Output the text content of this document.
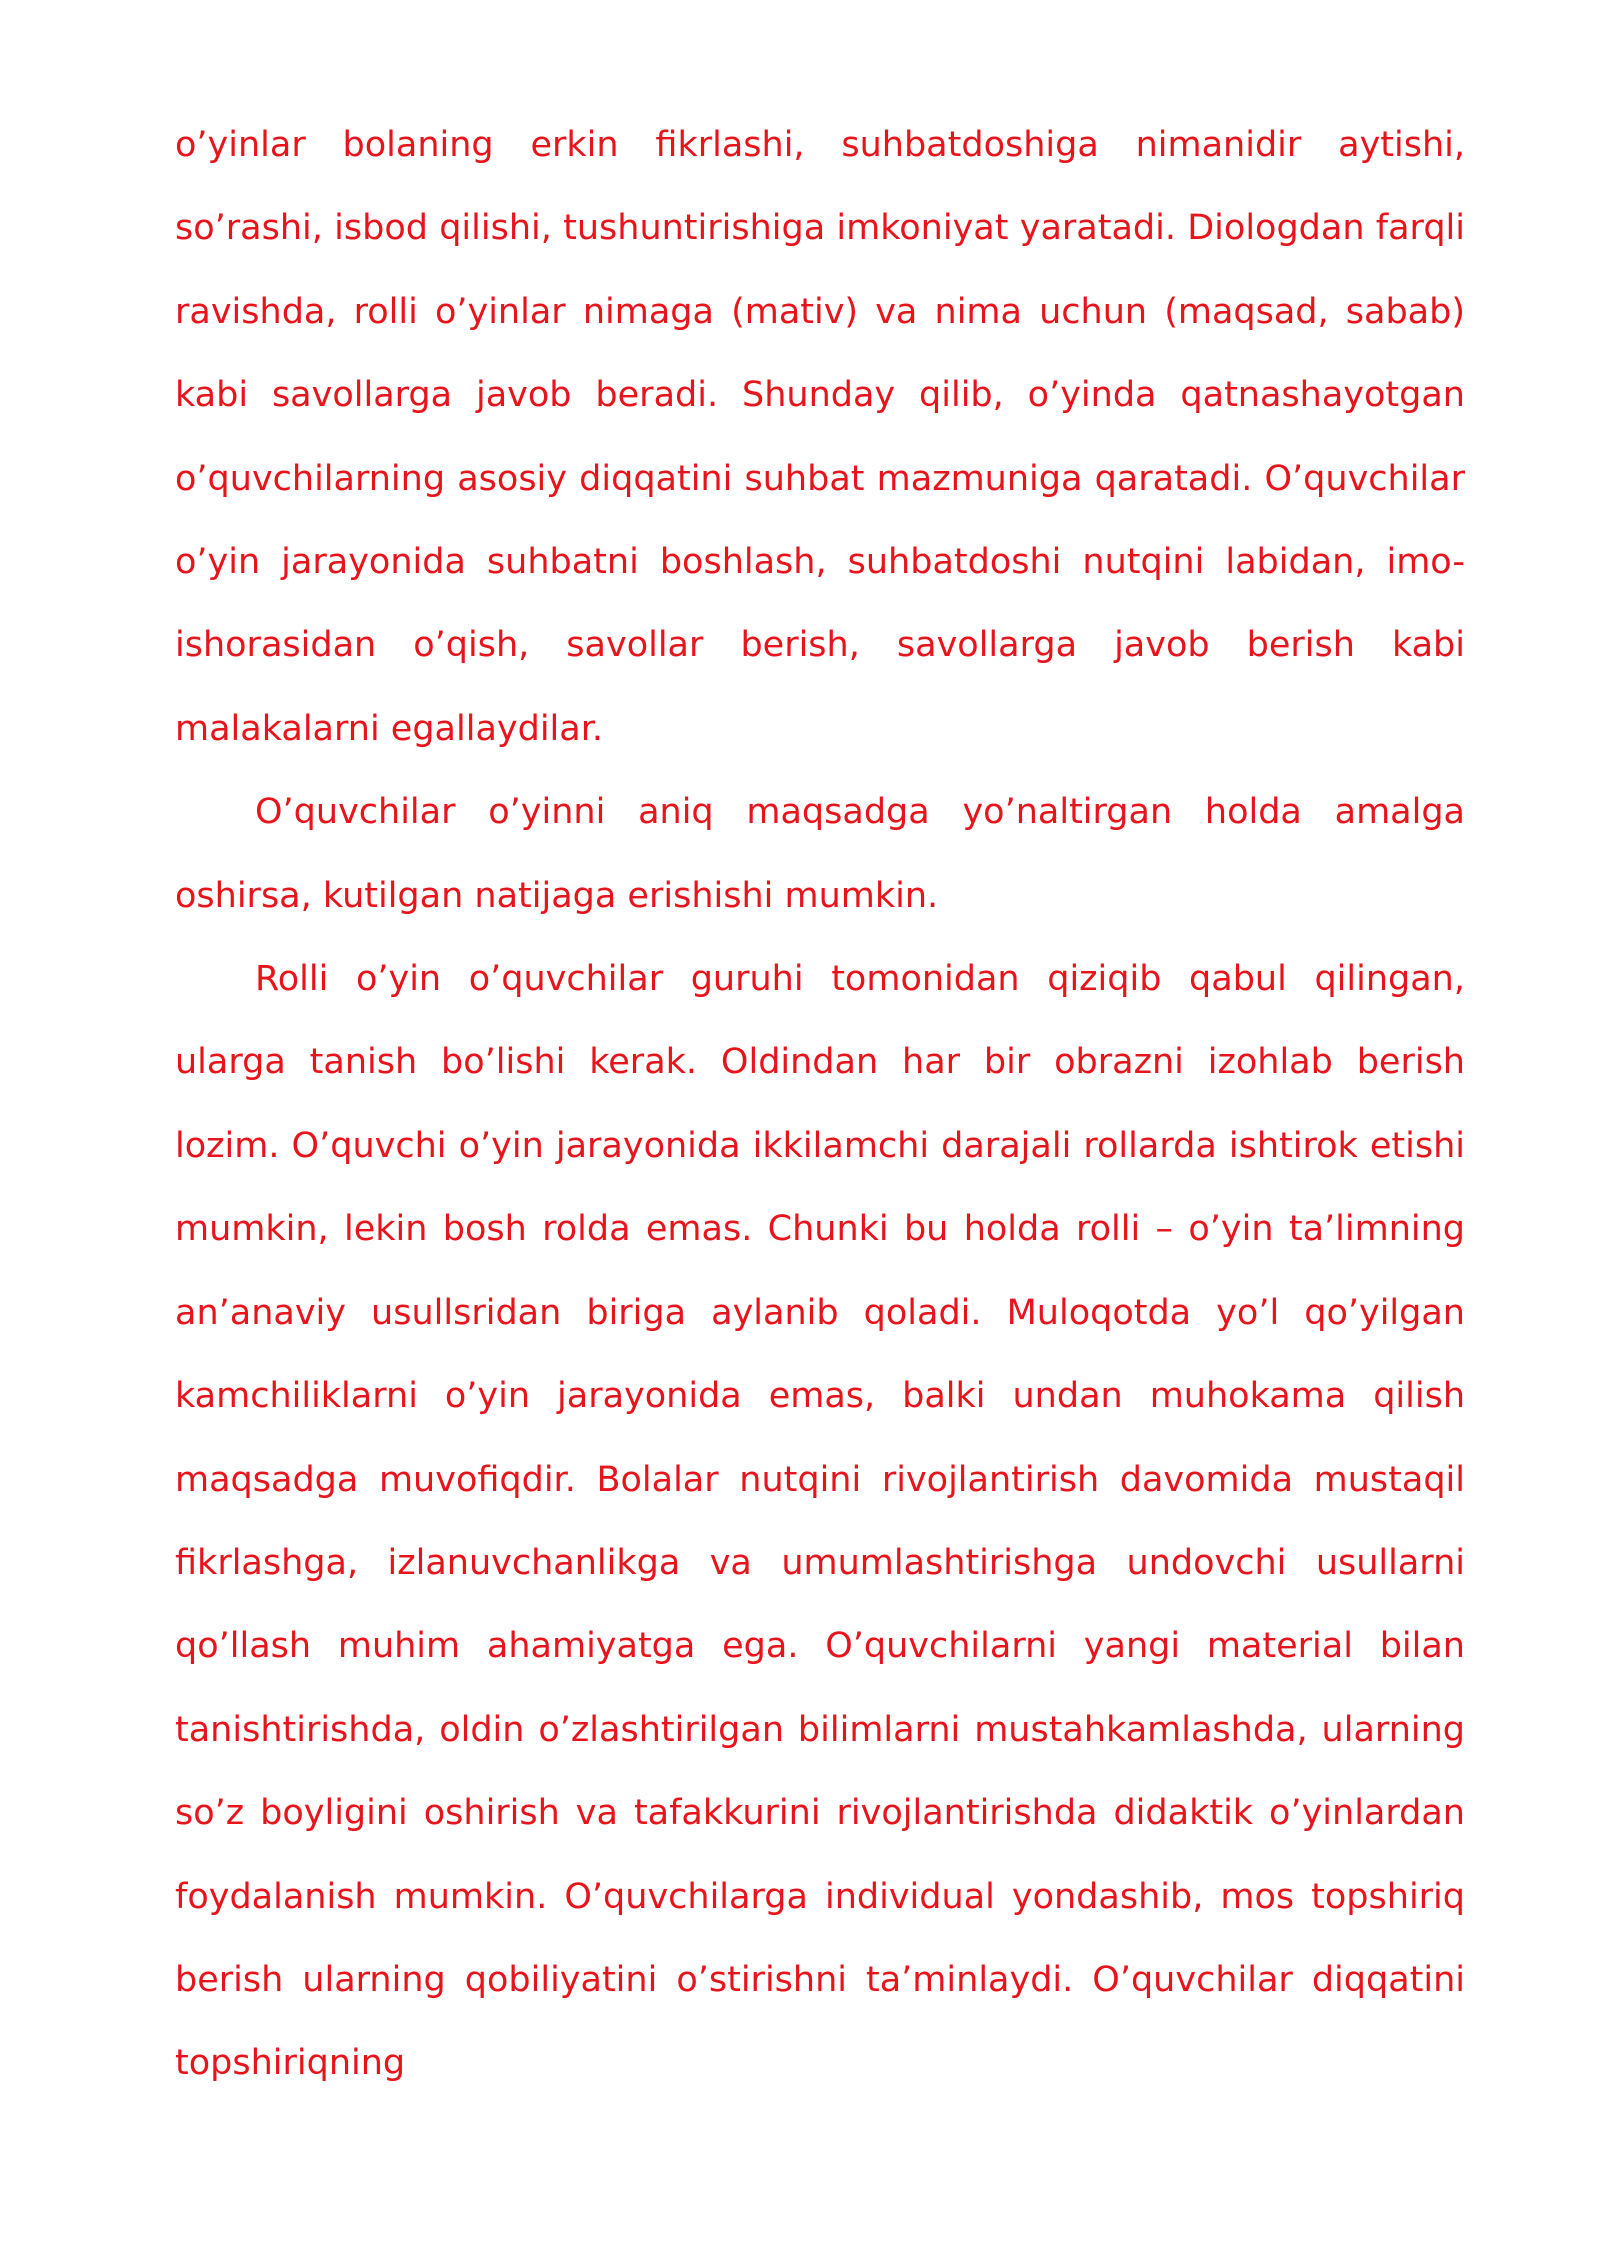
o’yinlar bolaning erkin fikrlashi, suhbatdoshiga nimanidir aytishi, so’rashi, isbod qilishi, tushuntirishiga imkoniyat yaratadi. Diologdan farqli ravishda, rolli o’yinlar nimaga (mativ) va nima uchun (maqsad, sabab) kabi savollarga javob beradi. Shunday qilib, o’yinda qatnashayotgan o’quvchilarning asosiy diqqatini suhbat mazmuniga qaratadi. O’quvchilar o’yin jarayonida suhbatni boshlash, suhbatdoshi nutqini labidan, imo-ishorasidan o’qish, savollar berish, savollarga javob berish kabi malakalarni egallaydilar.

O’quvchilar o’yinni aniq maqsadga yo’naltirgan holda amalga oshirsa, kutilgan natijaga erishishi mumkin.

Rolli o’yin o’quvchilar guruhi tomonidan qiziqib qabul qilingan, ularga tanish bo’lishi kerak. Oldindan har bir obrazni izohlab berish lozim. O’quvchi o’yin jarayonida ikkilamchi darajali rollarda ishtirok etishi mumkin, lekin bosh rolda emas. Chunki bu holda rolli – o’yin ta’limning an’anaviy usullsridan biriga aylanib qoladi. Muloqotda yo’l qo’yilgan kamchiliklarni o’yin jarayonida emas, balki undan muhokama qilish maqsadga muvofiqdir. Bolalar nutqini rivojlantirish davomida mustaqil fikrlashga, izlanuvchanlikga va umumlashtirishga undovchi usullarni qo’llash muhim ahamiyatga ega. O’quvchilarni yangi material bilan tanishtirishda, oldin o’zlashtirilgan bilimlarni mustahkamlashda, ularning so’z boyligini oshirish va tafakkurini rivojlantirishda didaktik o’yinlardan foydalanish mumkin. O’quvchilarga individual yondashib, mos topshiriq berish ularning qobiliyatini o’stirishni ta’minlaydi. O’quvchilar diqqatini topshiriqning
